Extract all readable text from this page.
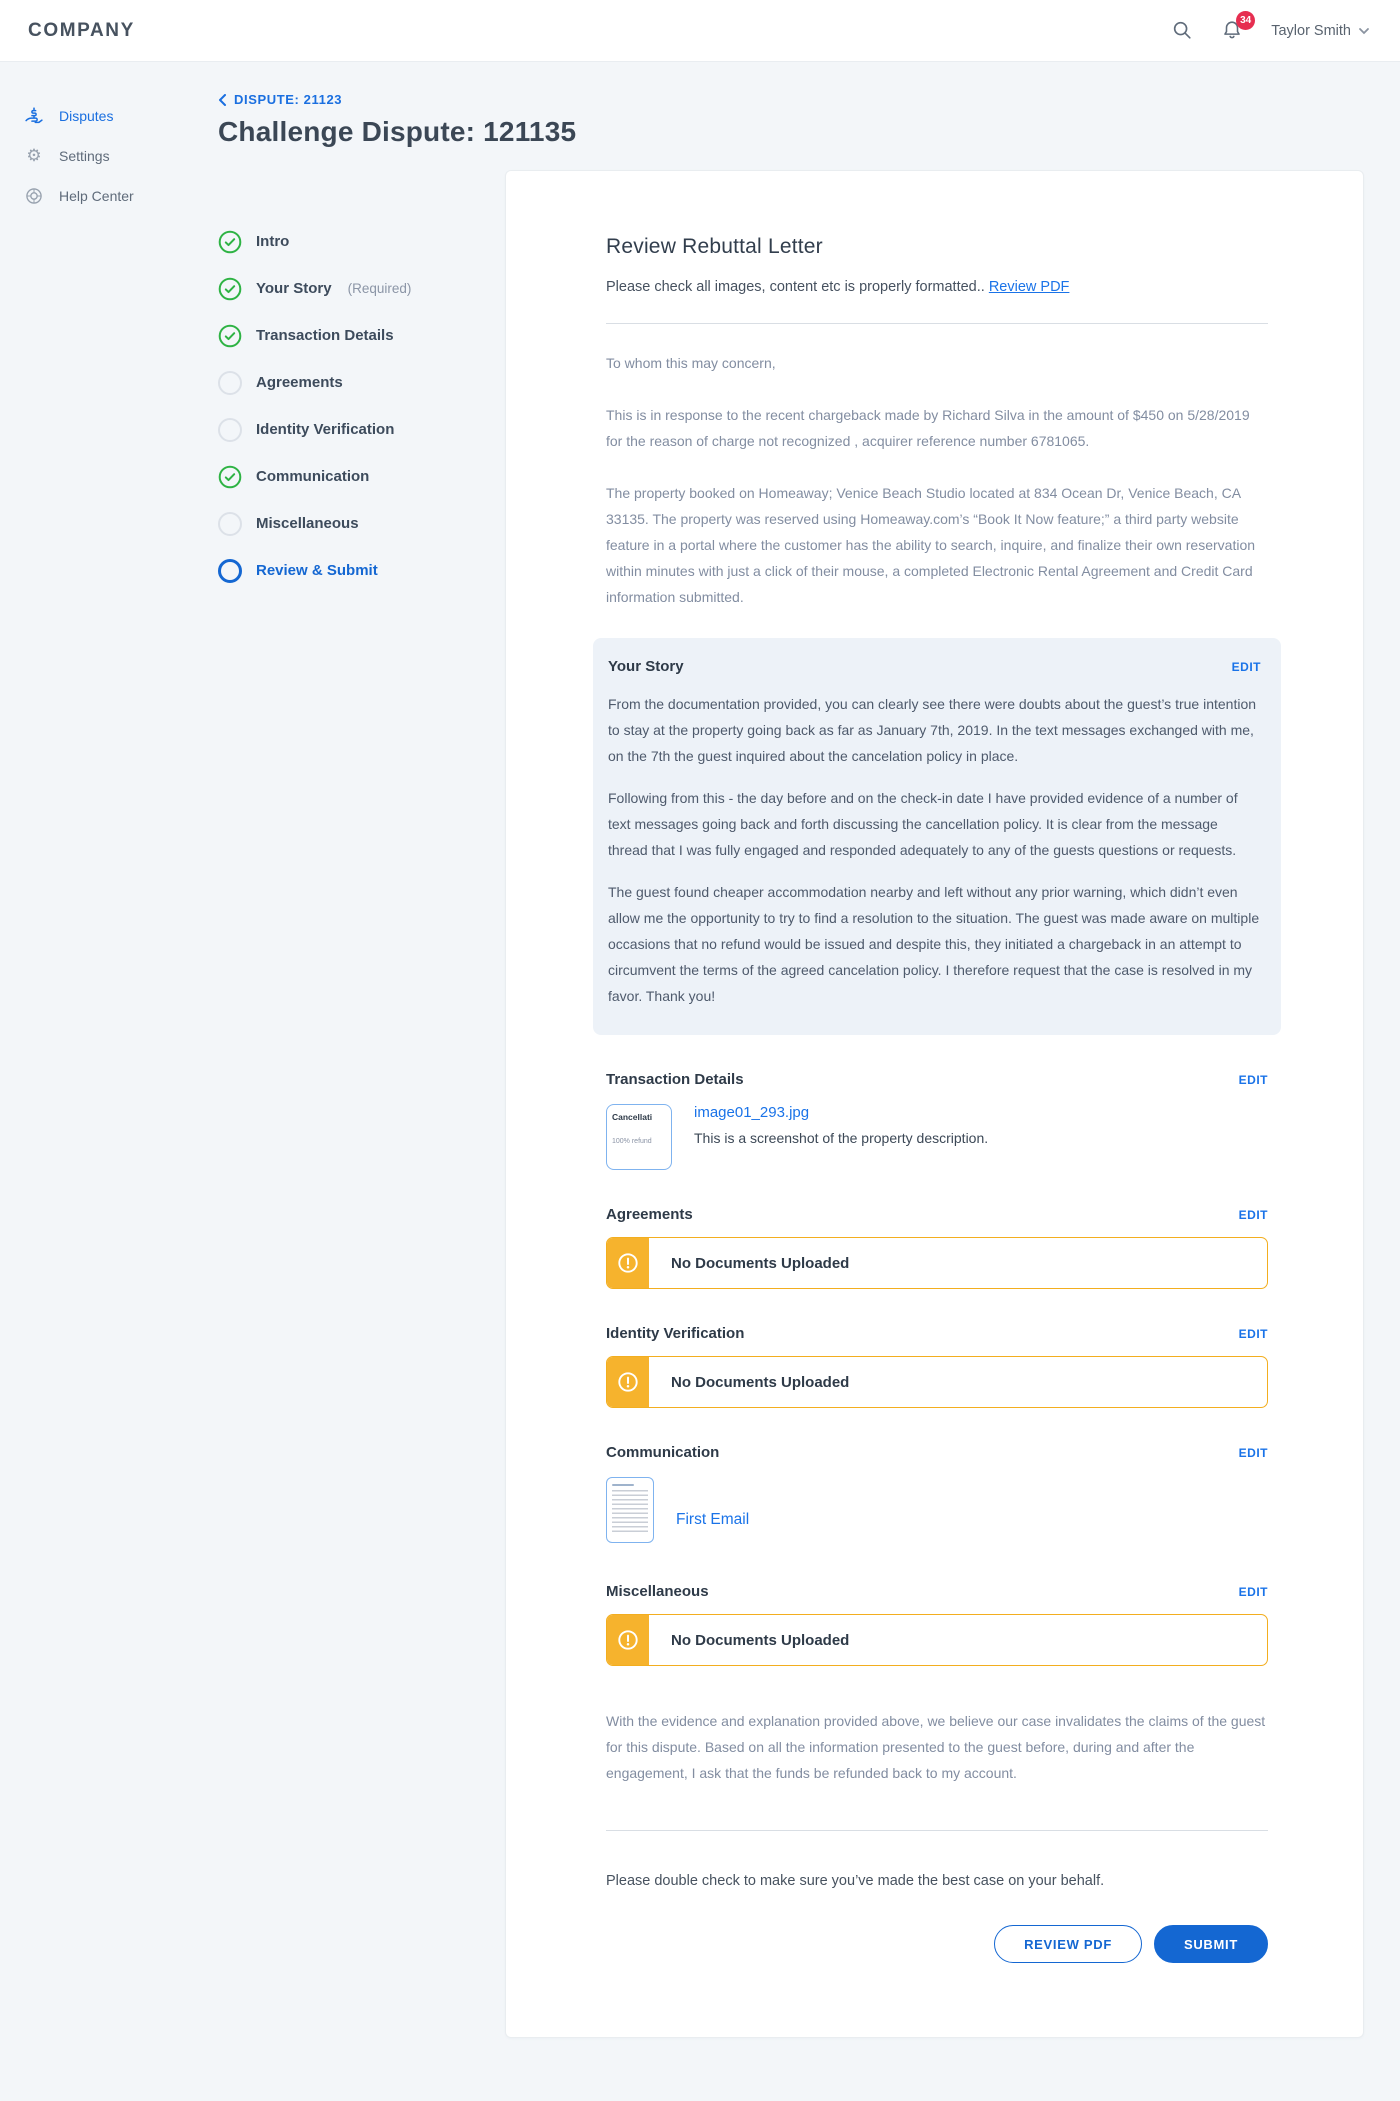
COMPANY	34
Taylor Smith
Disputes
⚙ Settings
Help Center
DISPUTE: 21123
Challenge Dispute: 121135
Intro
Your Story (Required)
Transaction Details
Agreements
Identity Verification
Communication
Miscellaneous
Review & Submit
Review Rebuttal Letter

Please check all images, content etc is properly formatted.. Review PDF

To whom this may concern,

This is in response to the recent chargeback made by Richard Silva in the amount of $450 on 5/28/2019 for the reason of charge not recognized , acquirer reference number 6781065.

The property booked on Homeaway; Venice Beach Studio located at 834 Ocean Dr, Venice Beach, CA 33135. The property was reserved using Homeaway.com’s “Book It Now feature;” a third party website feature in a portal where the customer has the ability to search, inquire, and finalize their own reservation within minutes with just a click of their mouse, a completed Electronic Rental Agreement and Credit Card information submitted.

Your Story	EDIT

From the documentation provided, you can clearly see there were doubts about the guest’s true intention to stay at the property going back as far as January 7th, 2019. In the text messages exchanged with me, on the 7th the guest inquired about the cancelation policy in place.

Following from this - the day before and on the check-in date I have provided evidence of a number of text messages going back and forth discussing the cancellation policy. It is clear from the message thread that I was fully engaged and responded adequately to any of the guests questions or requests.

The guest found cheaper accommodation nearby and left without any prior warning, which didn’t even allow me the opportunity to try to find a resolution to the situation. The guest was made aware on multiple occasions that no refund would be issued and despite this, they initiated a chargeback in an attempt to circumvent the terms of the agreed cancelation policy. I therefore request that the case is resolved in my favor. Thank you!

Transaction Details	EDIT
Cancellati
100% refund
image01_293.jpg
This is a screenshot of the property description.
Agreements	EDIT
No Documents Uploaded
Identity Verification	EDIT
No Documents Uploaded
Communication	EDIT
First Email
Miscellaneous	EDIT
No Documents Uploaded

With the evidence and explanation provided above, we believe our case invalidates the claims of the guest for this dispute. Based on all the information presented to the guest before, during and after the engagement, I ask that the funds be refunded back to my account.

Please double check to make sure you’ve made the best case on your behalf.

REVIEW PDF	SUBMIT
